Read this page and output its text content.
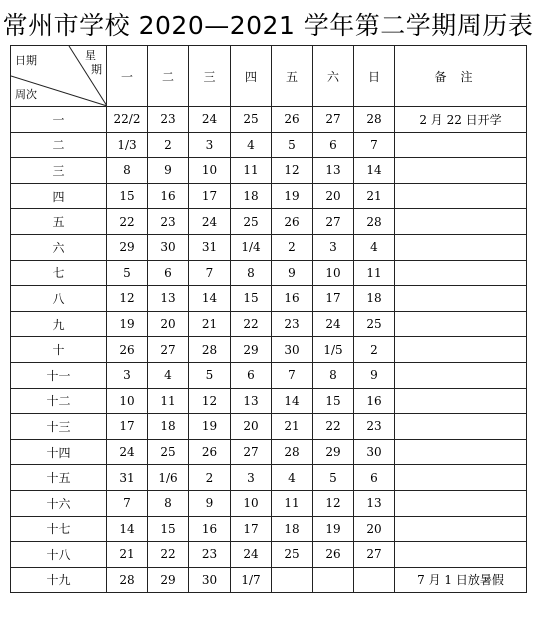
常州市学校 2020—2021 学年第二学期周历表
星
期
日期
周次	一	二	三	四	五	六	日	备注
一	22/2	23	24	25	26	27	28	2 月 22 日开学
二	1/3	2	3	4	5	6	7	
三	8	9	10	11	12	13	14	
四	15	16	17	18	19	20	21	
五	22	23	24	25	26	27	28	
六	29	30	31	1/4	2	3	4	
七	5	6	7	8	9	10	11	
八	12	13	14	15	16	17	18	
九	19	20	21	22	23	24	25	
十	26	27	28	29	30	1/5	2	
十一	3	4	5	6	7	8	9	
十二	10	11	12	13	14	15	16	
十三	17	18	19	20	21	22	23	
十四	24	25	26	27	28	29	30	
十五	31	1/6	2	3	4	5	6	
十六	7	8	9	10	11	12	13	
十七	14	15	16	17	18	19	20	
十八	21	22	23	24	25	26	27	
十九	28	29	30	1/7				7 月 1 日放暑假
